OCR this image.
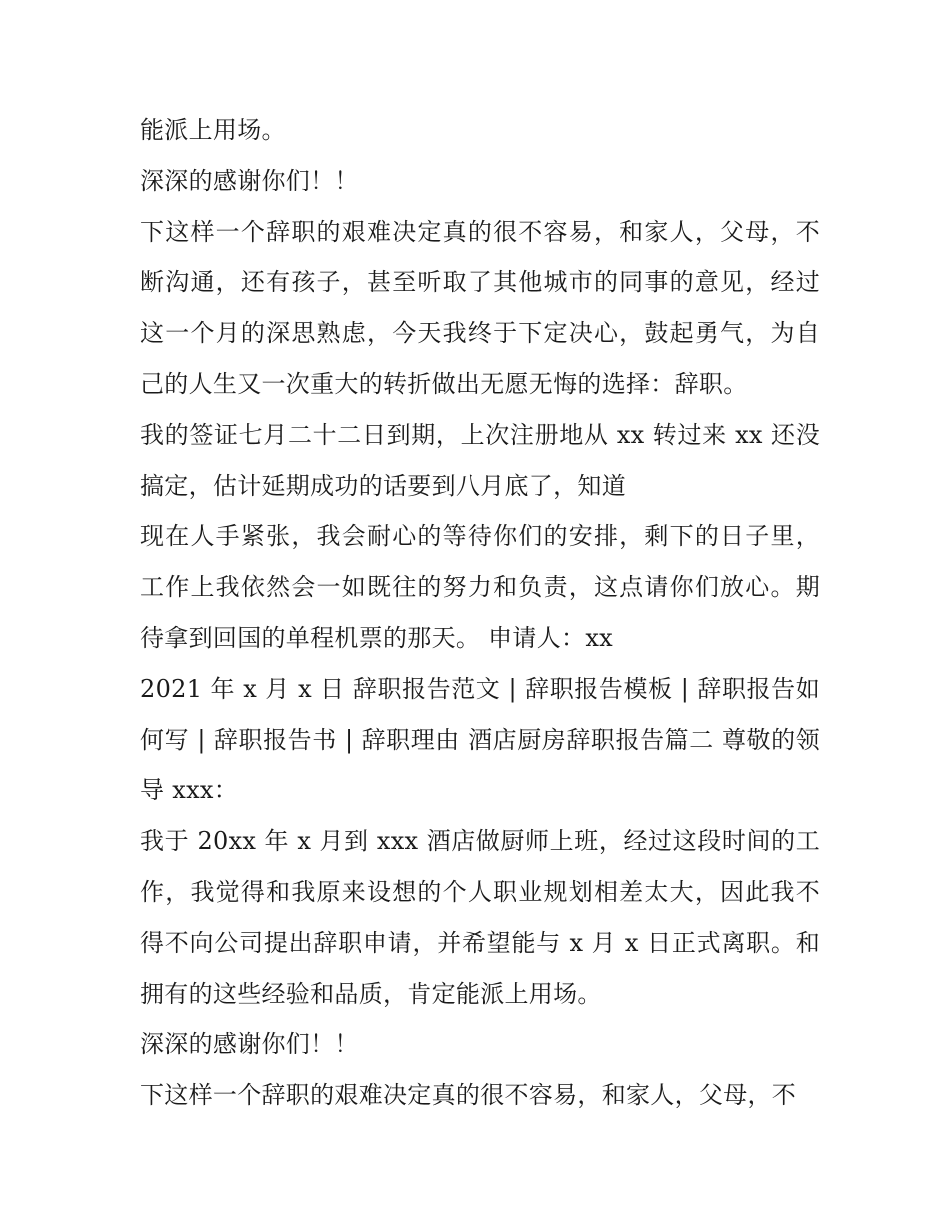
能派上用场。

深深的感谢你们！！

下这样一个辞职的艰难决定真的很不容易，和家人，父母，不断沟通，还有孩子，甚至听取了其他城市的同事的意见，经过这一个月的深思熟虑，今天我终于下定决心，鼓起勇气，为自己的人生又一次重大的转折做出无愿无悔的选择：辞职。

我的签证七月二十二日到期，上次注册地从 xx 转过来 xx 还没搞定，估计延期成功的话要到八月底了，知道

现在人手紧张，我会耐心的等待你们的安排，剩下的日子里，工作上我依然会一如既往的努力和负责，这点请你们放心。期待拿到回国的单程机票的那天。 申请人：xx

2021 年 x 月 x 日 辞职报告范文 | 辞职报告模板 | 辞职报告如何写 | 辞职报告书 | 辞职理由 酒店厨房辞职报告篇二 尊敬的领导 xxx：

我于 20xx 年 x 月到 xxx 酒店做厨师上班，经过这段时间的工作，我觉得和我原来设想的个人职业规划相差太大，因此我不得不向公司提出辞职申请，并希望能与 x 月 x 日正式离职。和拥有的这些经验和品质，肯定能派上用场。

深深的感谢你们！！

下这样一个辞职的艰难决定真的很不容易，和家人，父母，不
